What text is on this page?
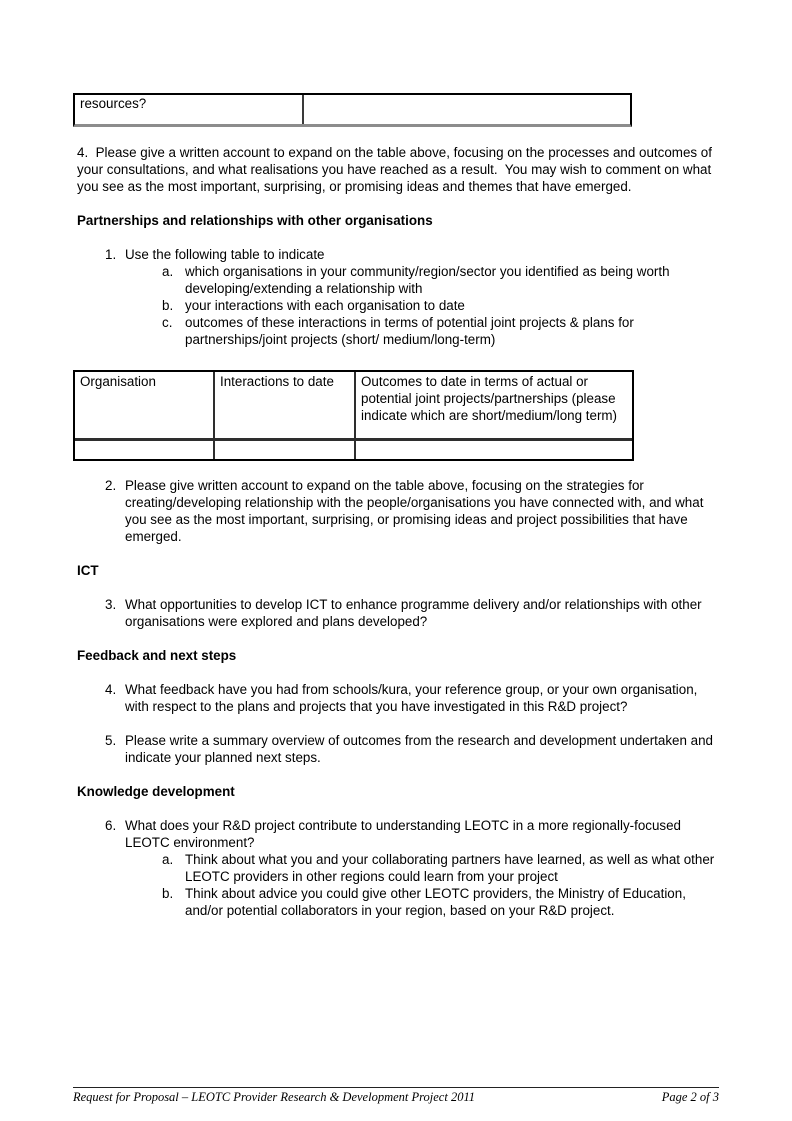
resources?

4.  Please give a written account to expand on the table above, focusing on the processes and outcomes of your consultations, and what realisations you have reached as a result.  You may wish to comment on what you see as the most important, surprising, or promising ideas and themes that have emerged.

Partnerships and relationships with other organisations
1. Use the following table to indicate
a. which organisations in your community/region/sector you identified as being worth developing/extending a relationship with
b. your interactions with each organisation to date
c. outcomes of these interactions in terms of potential joint projects & plans for partnerships/joint projects (short/ medium/long-term)
Organisation	Interactions to date	Outcomes to date in terms of actual or potential joint projects/partnerships (please indicate which are short/medium/long term)
2. Please give written account to expand on the table above, focusing on the strategies for creating/developing relationship with the people/organisations you have connected with, and what you see as the most important, surprising, or promising ideas and project possibilities that have emerged.
ICT
3. What opportunities to develop ICT to enhance programme delivery and/or relationships with other organisations were explored and plans developed?
Feedback and next steps
4. What feedback have you had from schools/kura, your reference group, or your own organisation, with respect to the plans and projects that you have investigated in this R&D project?
5. Please write a summary overview of outcomes from the research and development undertaken and indicate your planned next steps.
Knowledge development
6. What does your R&D project contribute to understanding LEOTC in a more regionally-focused LEOTC environment?
a. Think about what you and your collaborating partners have learned, as well as what other LEOTC providers in other regions could learn from your project
b. Think about advice you could give other LEOTC providers, the Ministry of Education, and/or potential collaborators in your region, based on your R&D project.
Request for Proposal – LEOTC Provider Research & Development Project 2011	Page 2 of 3
